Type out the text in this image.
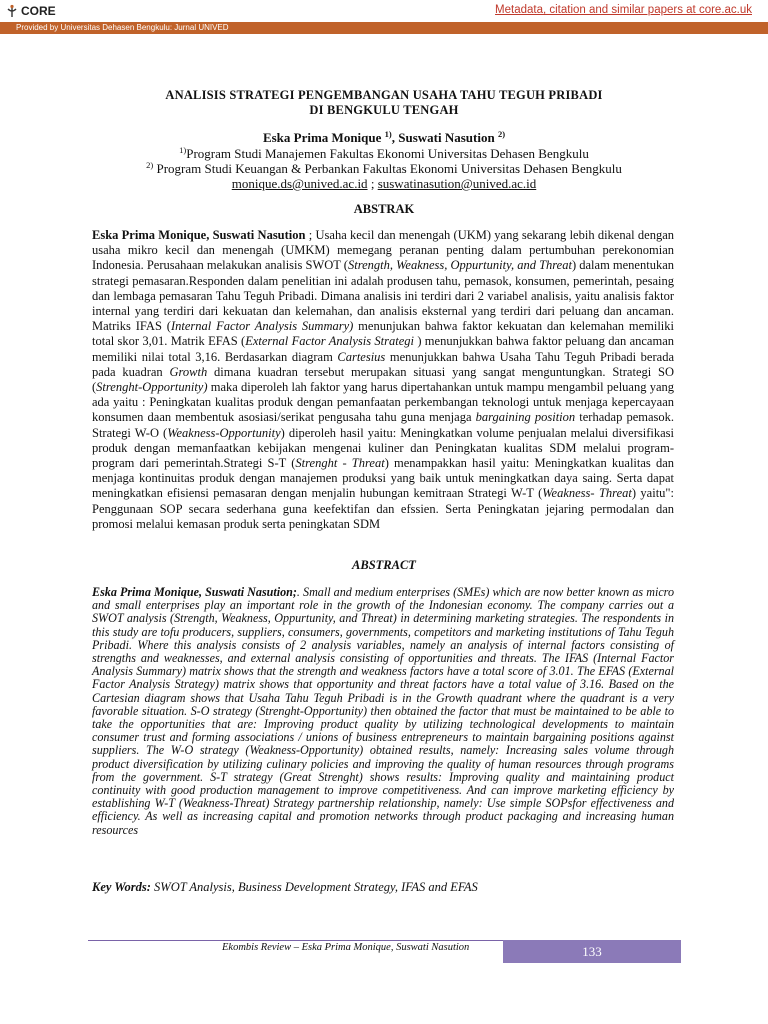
CORE	Metadata, citation and similar papers at core.ac.uk
Provided by Universitas Dehasen Bengkulu: Jurnal UNIVED
ANALISIS STRATEGI PENGEMBANGAN USAHA TAHU TEGUH PRIBADI
DI BENGKULU TENGAH
Eska Prima Monique $^{1)}$, Suswati Nasution $^{2)}$
$^{1)}$Program Studi Manajemen Fakultas Ekonomi Universitas Dehasen Bengkulu
$^{2)}$ Program Studi Keuangan & Perbankan Fakultas Ekonomi Universitas Dehasen Bengkulu
monique.ds@unived.ac.id ; suswatinasution@unived.ac.id
ABSTRAK
Eska Prima Monique, Suswati Nasution ; Usaha kecil dan menengah (UKM) yang sekarang lebih dikenal dengan usaha mikro kecil dan menengah (UMKM) memegang peranan penting dalam pertumbuhan perekonomian Indonesia. Perusahaan melakukan analisis SWOT (Strength, Weakness, Oppurtunity, and Threat) dalam menentukan strategi pemasaran.Responden dalam penelitian ini adalah produsen tahu, pemasok, konsumen, pemerintah, pesaing dan lembaga pemasaran Tahu Teguh Pribadi. Dimana analisis ini terdiri dari 2 variabel analisis, yaitu analisis faktor internal yang terdiri dari kekuatan dan kelemahan, dan analisis eksternal yang terdiri dari peluang dan ancaman. Matriks IFAS (Internal Factor Analysis Summary) menunjukan bahwa faktor kekuatan dan kelemahan memiliki total skor 3,01. Matrik EFAS (External Factor Analysis Strategi ) menunjukkan bahwa faktor peluang dan ancaman memiliki nilai total 3,16. Berdasarkan diagram Cartesius menunjukkan bahwa Usaha Tahu Teguh Pribadi berada pada kuadran Growth dimana kuadran tersebut merupakan situasi yang sangat menguntungkan. Strategi SO (Strenght-Opportunity) maka diperoleh lah faktor yang harus dipertahankan untuk mampu mengambil peluang yang ada yaitu : Peningkatan kualitas produk dengan pemanfaatan perkembangan teknologi untuk menjaga kepercayaan konsumen daan membentuk asosiasi/serikat pengusaha tahu guna menjaga bargaining position terhadap pemasok. Strategi W-O (Weakness-Opportunity) diperoleh hasil yaitu: Meningkatkan volume penjualan melalui diversifikasi produk dengan memanfaatkan kebijakan mengenai kuliner dan Peningkatan kualitas SDM melalui program-program dari pemerintah.Strategi S-T (Strenght - Threat) menampakkan hasil yaitu: Meningkatkan kualitas dan menjaga kontinuitas produk dengan manajemen produksi yang baik untuk meningkatkan daya saing. Serta dapat meningkatkan efisiensi pemasaran dengan menjalin hubungan kemitraan Strategi W-T (Weakness- Threat) yaitu": Penggunaan SOP secara sederhana guna keefektifan dan efssien. Serta Peningkatan jejaring permodalan dan promosi melalui kemasan produk serta peningkatan SDM
ABSTRACT
Eska Prima Monique, Suswati Nasution;. Small and medium enterprises (SMEs) which are now better known as micro and small enterprises play an important role in the growth of the Indonesian economy. The company carries out a SWOT analysis (Strength, Weakness, Oppurtunity, and Threat) in determining marketing strategies. The respondents in this study are tofu producers, suppliers, consumers, governments, competitors and marketing institutions of Tahu Teguh Pribadi. Where this analysis consists of 2 analysis variables, namely an analysis of internal factors consisting of strengths and weaknesses, and external analysis consisting of opportunities and threats. The IFAS (Internal Factor Analysis Summary) matrix shows that the strength and weakness factors have a total score of 3.01. The EFAS (External Factor Analysis Strategy) matrix shows that opportunity and threat factors have a total value of 3.16. Based on the Cartesian diagram shows that Usaha Tahu Teguh Pribadi is in the Growth quadrant where the quadrant is a very favorable situation. S-O strategy (Strenght-Opportunity) then obtained the factor that must be maintained to be able to take the opportunities that are: Improving product quality by utilizing technological developments to maintain consumer trust and forming associations / unions of business entrepreneurs to maintain bargaining positions against suppliers. The W-O strategy (Weakness-Opportunity) obtained results, namely: Increasing sales volume through product diversification by utilizing culinary policies and improving the quality of human resources through programs from the government. S-T strategy (Great Strenght) shows results: Improving quality and maintaining product continuity with good production management to improve competitiveness. And can improve marketing efficiency by establishing W-T (Weakness-Threat) Strategy partnership relationship, namely: Use simple SOPsfor effectiveness and efficiency. As well as increasing capital and promotion networks through product packaging and increasing human resources
Key Words: SWOT Analysis, Business Development Strategy, IFAS and EFAS
Ekombis Review – Eska Prima Monique, Suswati Nasution	133
